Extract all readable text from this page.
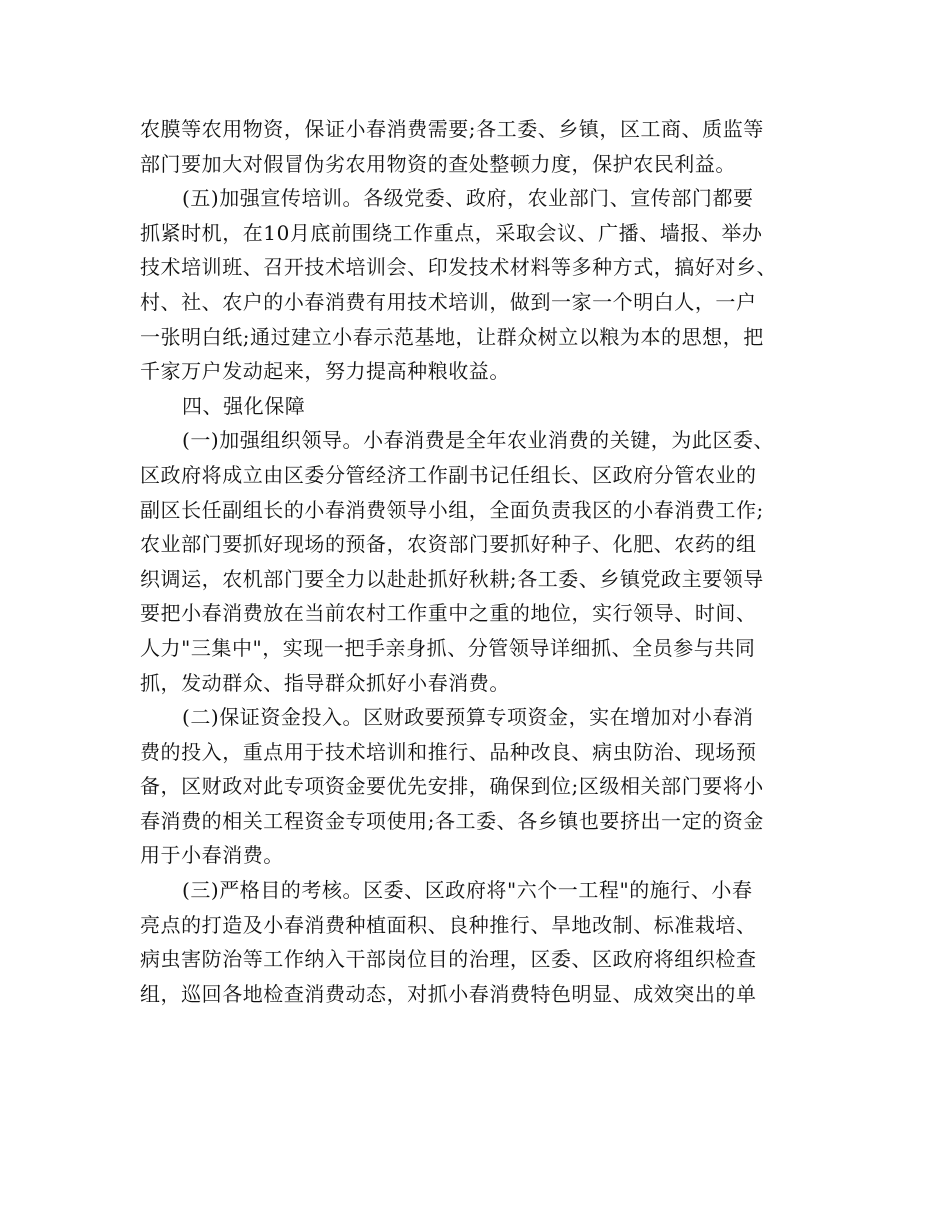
农膜等农用物资，保证小春消费需要;各工委、乡镇，区工商、质监等
部门要加大对假冒伪劣农用物资的查处整顿力度，保护农民利益。
(五)加强宣传培训。各级党委、政府，农业部门、宣传部门都要
抓紧时机，在10月底前围绕工作重点，采取会议、广播、墙报、举办
技术培训班、召开技术培训会、印发技术材料等多种方式，搞好对乡、
村、社、农户的小春消费有用技术培训，做到一家一个明白人，一户
一张明白纸;通过建立小春示范基地，让群众树立以粮为本的思想，把
千家万户发动起来，努力提高种粮收益。
四、强化保障
(一)加强组织领导。小春消费是全年农业消费的关键，为此区委、
区政府将成立由区委分管经济工作副书记任组长、区政府分管农业的
副区长任副组长的小春消费领导小组，全面负责我区的小春消费工作;
农业部门要抓好现场的预备，农资部门要抓好种子、化肥、农药的组
织调运，农机部门要全力以赴赴抓好秋耕;各工委、乡镇党政主要领导
要把小春消费放在当前农村工作重中之重的地位，实行领导、时间、
人力"三集中"，实现一把手亲身抓、分管领导详细抓、全员参与共同
抓，发动群众、指导群众抓好小春消费。
(二)保证资金投入。区财政要预算专项资金，实在增加对小春消
费的投入，重点用于技术培训和推行、品种改良、病虫防治、现场预
备，区财政对此专项资金要优先安排，确保到位;区级相关部门要将小
春消费的相关工程资金专项使用;各工委、各乡镇也要挤出一定的资金
用于小春消费。
(三)严格目的考核。区委、区政府将"六个一工程"的施行、小春
亮点的打造及小春消费种植面积、良种推行、旱地改制、标准栽培、
病虫害防治等工作纳入干部岗位目的治理，区委、区政府将组织检查
组，巡回各地检查消费动态，对抓小春消费特色明显、成效突出的单
